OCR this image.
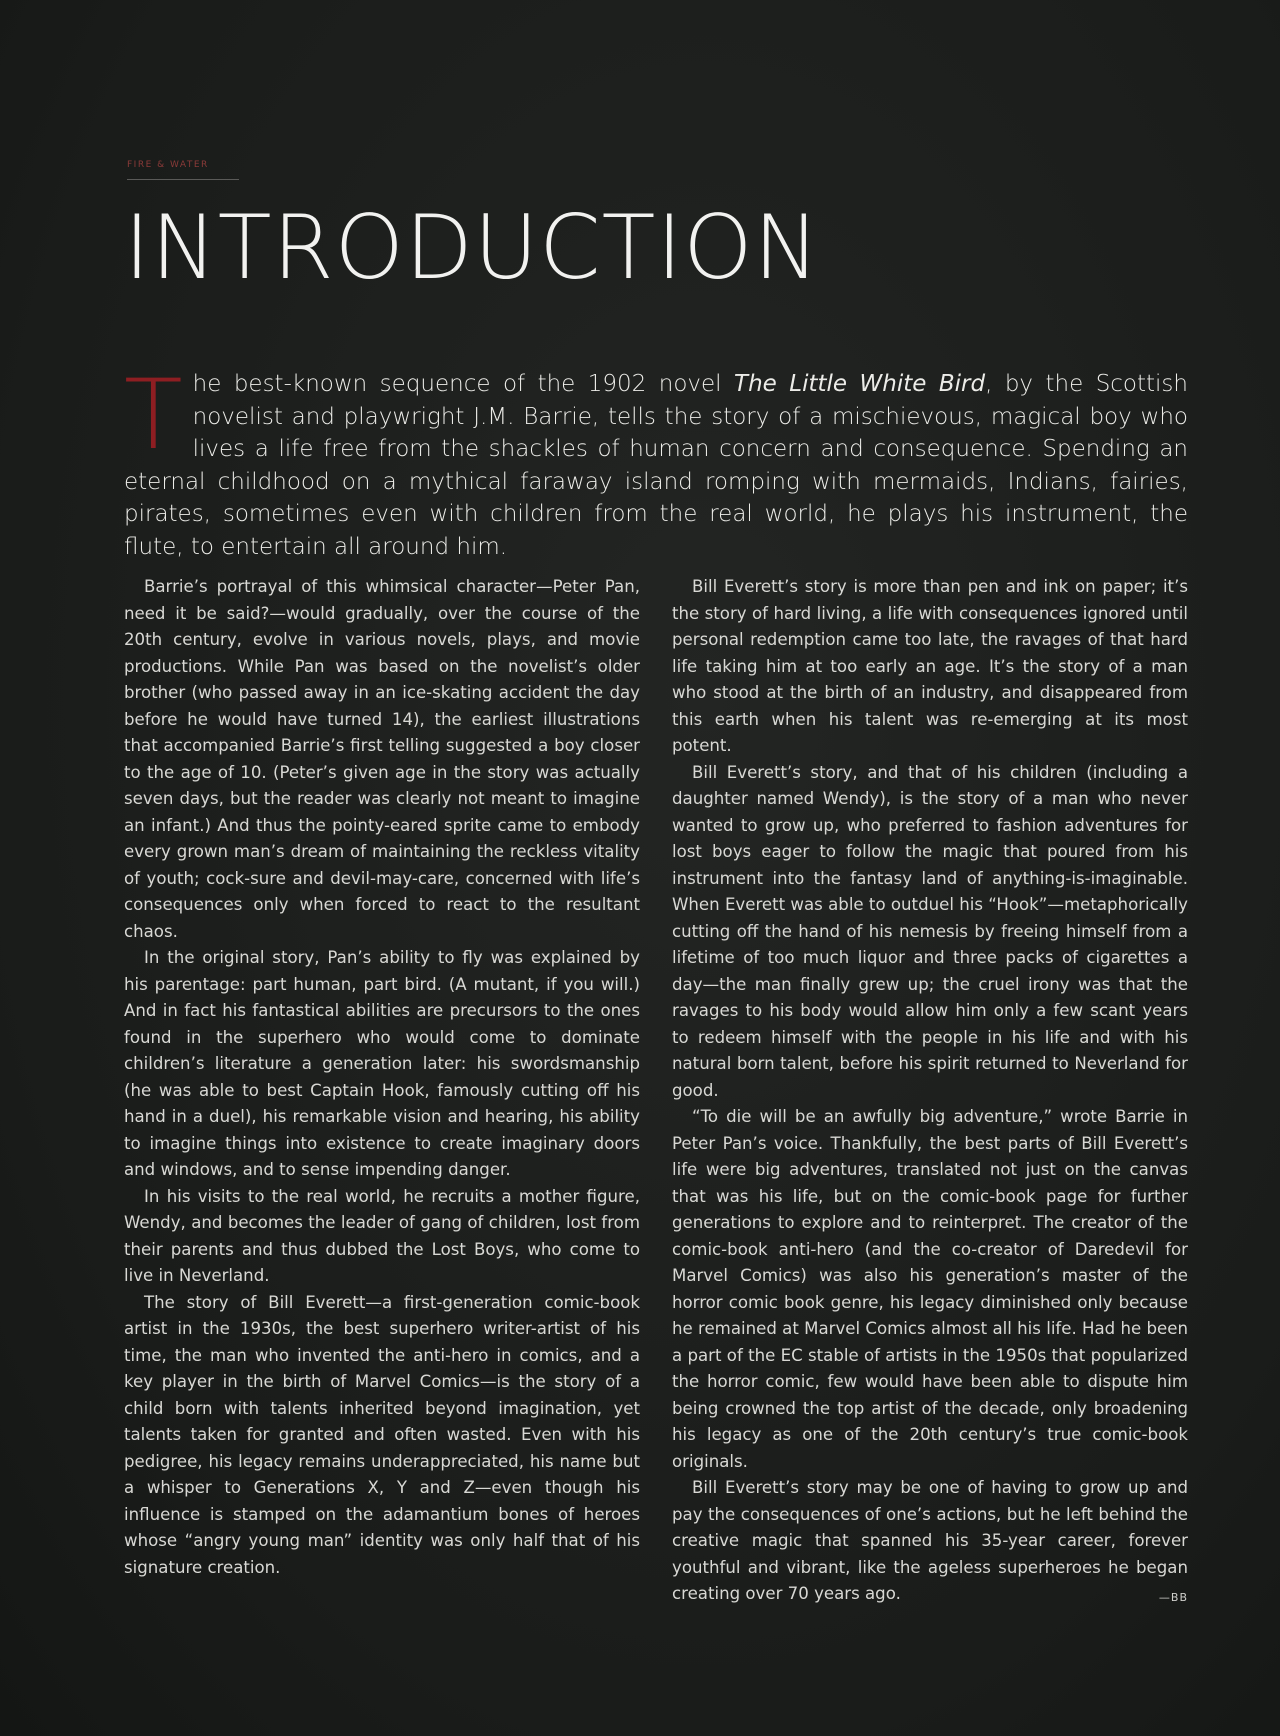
FIRE & WATER
INTRODUCTION

The best-known sequence of the 1902 novel The Little White Bird, by the Scottish novelist and playwright J.M. Barrie, tells the story of a mischievous, magical boy who lives a life free from the shackles of human concern and consequence. Spending an eternal childhood on a mythical faraway island romping with mermaids, Indians, fairies, pirates, sometimes even with children from the real world, he plays his instrument, the flute, to entertain all around him.

Barrie’s portrayal of this whimsical character—Peter Pan, need it be said?—would gradually, over the course of the 20th century, evolve in various novels, plays, and movie productions. While Pan was based on the novelist’s older brother (who passed away in an ice-skating accident the day before he would have turned 14), the earliest illustrations that accompanied Barrie’s first telling suggested a boy closer to the age of 10. (Peter’s given age in the story was actually seven days, but the reader was clearly not meant to imagine an infant.) And thus the pointy-eared sprite came to embody every grown man’s dream of maintaining the reckless vitality of youth; cock-sure and devil-may-care, concerned with life’s consequences only when forced to react to the resultant chaos.

In the original story, Pan’s ability to fly was explained by his parentage: part human, part bird. (A mutant, if you will.) And in fact his fantastical abilities are precursors to the ones found in the superhero who would come to dominate children’s literature a generation later: his swordsmanship (he was able to best Captain Hook, famously cutting off his hand in a duel), his remarkable vision and hearing, his ability to imagine things into existence to create imaginary doors and windows, and to sense impending danger.

In his visits to the real world, he recruits a mother figure, Wendy, and becomes the leader of gang of children, lost from their parents and thus dubbed the Lost Boys, who come to live in Neverland.

The story of Bill Everett—a first-generation comic-book artist in the 1930s, the best superhero writer-artist of his time, the man who invented the anti-hero in comics, and a key player in the birth of Marvel Comics—is the story of a child born with talents inherited beyond imagination, yet talents taken for granted and often wasted. Even with his pedigree, his legacy remains underappreciated, his name but a whisper to Generations X, Y and Z—even though his influence is stamped on the adamantium bones of heroes whose “angry young man” identity was only half that of his signature creation.

Bill Everett’s story is more than pen and ink on paper; it’s the story of hard living, a life with consequences ignored until personal redemption came too late, the ravages of that hard life taking him at too early an age. It’s the story of a man who stood at the birth of an industry, and disappeared from this earth when his talent was re-emerging at its most potent.

Bill Everett’s story, and that of his children (including a daughter named Wendy), is the story of a man who never wanted to grow up, who preferred to fashion adventures for lost boys eager to follow the magic that poured from his instrument into the fantasy land of anything-is-imaginable. When Everett was able to outduel his “Hook”—metaphorically cutting off the hand of his nemesis by freeing himself from a lifetime of too much liquor and three packs of cigarettes a day—the man finally grew up; the cruel irony was that the ravages to his body would allow him only a few scant years to redeem himself with the people in his life and with his natural born talent, before his spirit returned to Neverland for good.

“To die will be an awfully big adventure,” wrote Barrie in Peter Pan’s voice. Thankfully, the best parts of Bill Everett’s life were big adventures, translated not just on the canvas that was his life, but on the comic-book page for further generations to explore and to reinterpret. The creator of the comic-book anti-hero (and the co-creator of Daredevil for Marvel Comics) was also his generation’s master of the horror comic book genre, his legacy diminished only because he remained at Marvel Comics almost all his life. Had he been a part of the EC stable of artists in the 1950s that popularized the horror comic, few would have been able to dispute him being crowned the top artist of the decade, only broadening his legacy as one of the 20th century’s true comic-book originals.

Bill Everett’s story may be one of having to grow up and pay the consequences of one’s actions, but he left behind the creative magic that spanned his 35-year career, forever youthful and vibrant, like the ageless superheroes he began creating over 70 years ago.	—BB
